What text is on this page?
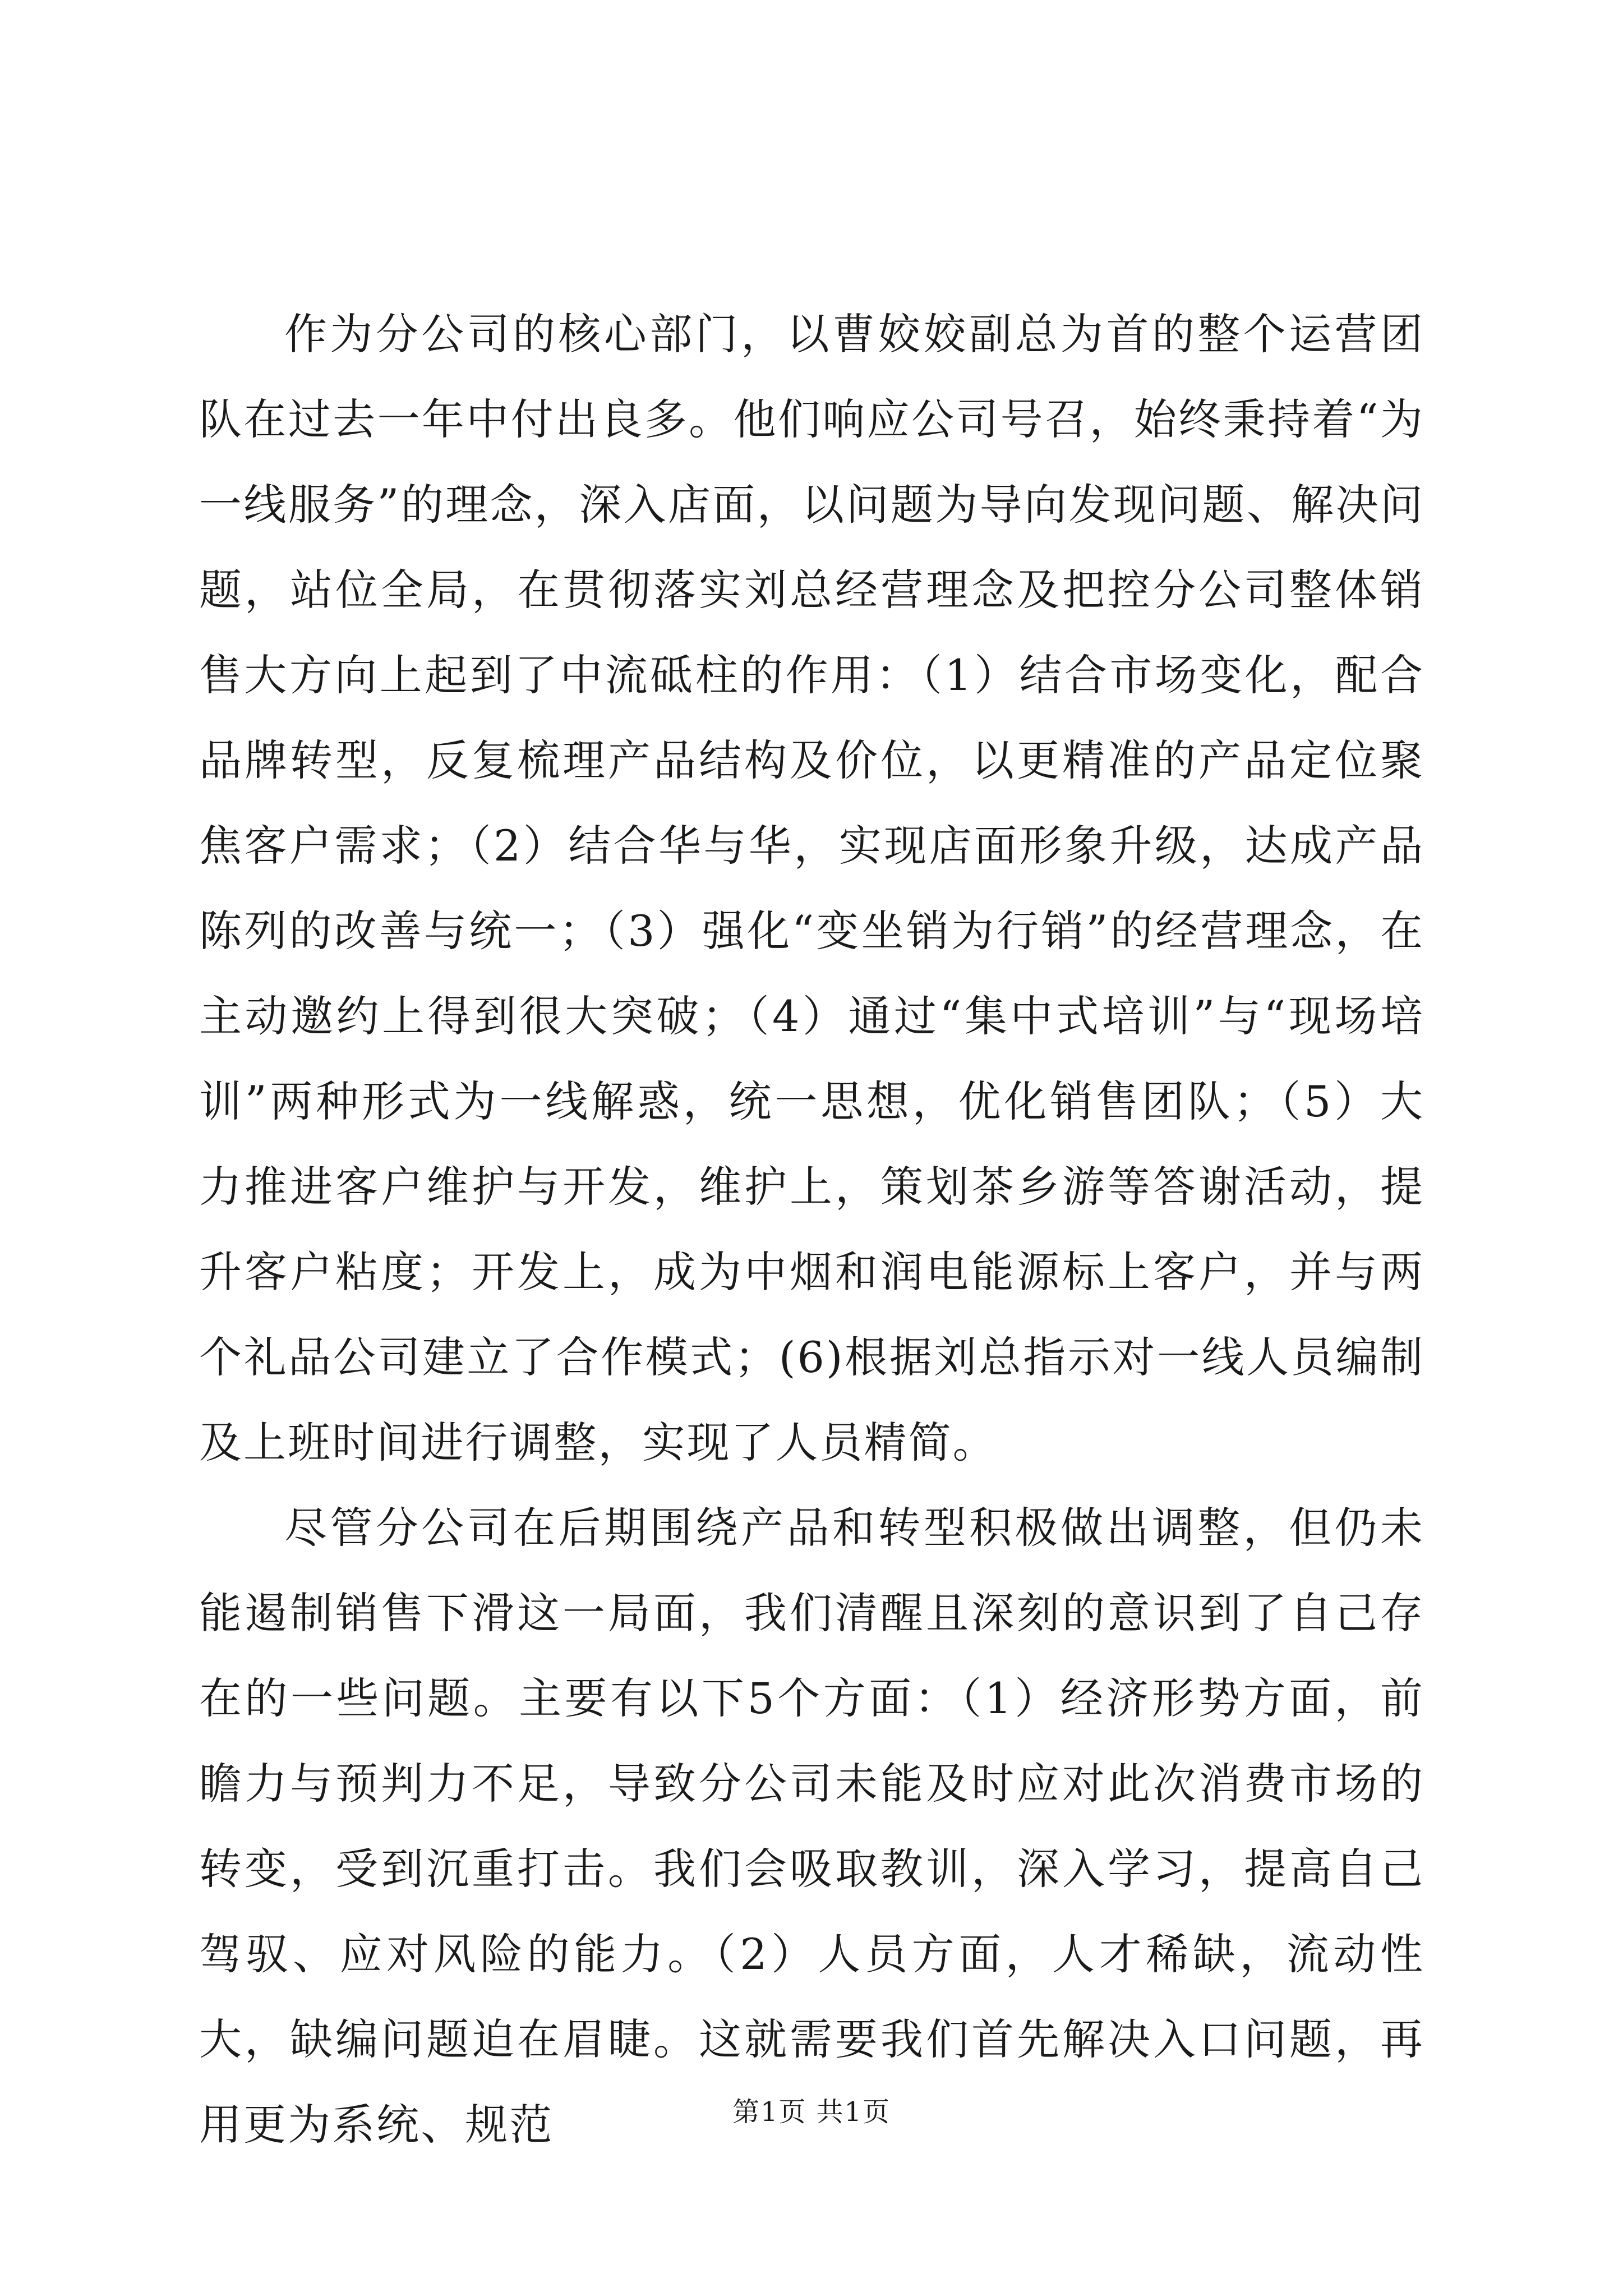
作为分公司的核心部门，以曹姣姣副总为首的整个运营团队在过去一年中付出良多。他们响应公司号召，始终秉持着“为一线服务”的理念，深入店面，以问题为导向发现问题、解决问题，站位全局，在贯彻落实刘总经营理念及把控分公司整体销售大方向上起到了中流砥柱的作用：（1）结合市场变化，配合品牌转型，反复梳理产品结构及价位，以更精准的产品定位聚焦客户需求；（2）结合华与华，实现店面形象升级，达成产品陈列的改善与统一；（3）强化“变坐销为行销”的经营理念，在主动邀约上得到很大突破；（4）通过“集中式培训”与“现场培训”两种形式为一线解惑，统一思想，优化销售团队；（5）大力推进客户维护与开发，维护上，策划茶乡游等答谢活动，提升客户粘度；开发上，成为中烟和润电能源标上客户，并与两个礼品公司建立了合作模式；(6)根据刘总指示对一线人员编制及上班时间进行调整，实现了人员精简。

尽管分公司在后期围绕产品和转型积极做出调整，但仍未能遏制销售下滑这一局面，我们清醒且深刻的意识到了自己存在的一些问题。主要有以下5个方面：（1）经济形势方面，前瞻力与预判力不足，导致分公司未能及时应对此次消费市场的转变，受到沉重打击。我们会吸取教训，深入学习，提高自己驾驭、应对风险的能力。（2）人员方面，人才稀缺，流动性大，缺编问题迫在眉睫。这就需要我们首先解决入口问题，再用更为系统、规范	第1页 共1页
